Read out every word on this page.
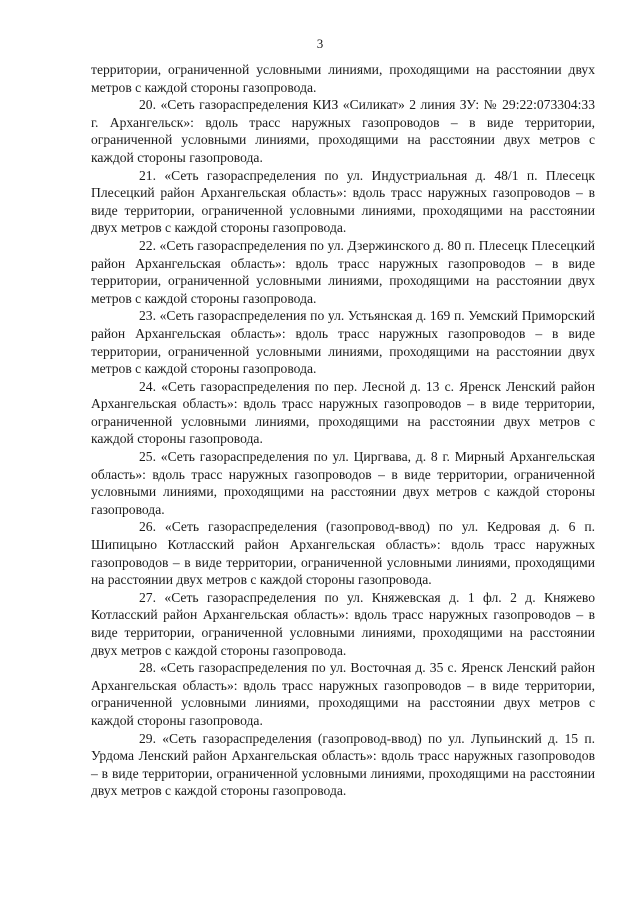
3

территории, ограниченной условными линиями, проходящими на расстоянии двух метров с каждой стороны газопровода.

20. «Сеть газораспределения КИЗ «Силикат» 2 линия ЗУ: № 29:22:073304:33 г. Архангельск»: вдоль трасс наружных газопроводов – в виде территории, ограниченной условными линиями, проходящими на расстоянии двух метров с каждой стороны газопровода.

21. «Сеть газораспределения по ул. Индустриальная д. 48/1 п. Плесецк Плесецкий район Архангельская область»: вдоль трасс наружных газопроводов – в виде территории, ограниченной условными линиями, проходящими на расстоянии двух метров с каждой стороны газопровода.

22. «Сеть газораспределения по ул. Дзержинского д. 80 п. Плесецк Плесецкий район Архангельская область»: вдоль трасс наружных газопроводов – в виде территории, ограниченной условными линиями, проходящими на расстоянии двух метров с каждой стороны газопровода.

23. «Сеть газораспределения по ул. Устьянская д. 169 п. Уемский Приморский район Архангельская область»: вдоль трасс наружных газопроводов – в виде территории, ограниченной условными линиями, проходящими на расстоянии двух метров с каждой стороны газопровода.

24. «Сеть газораспределения по пер. Лесной д. 13 с. Яренск Ленский район Архангельская область»: вдоль трасс наружных газопроводов – в виде территории, ограниченной условными линиями, проходящими на расстоянии двух метров с каждой стороны газопровода.

25. «Сеть газораспределения по ул. Циргвава, д. 8 г. Мирный Архангельская область»: вдоль трасс наружных газопроводов – в виде территории, ограниченной условными линиями, проходящими на расстоянии двух метров с каждой стороны газопровода.

26. «Сеть газораспределения (газопровод-ввод) по ул. Кедровая д. 6 п. Шипицыно Котласский район Архангельская область»: вдоль трасс наружных газопроводов – в виде территории, ограниченной условными линиями, проходящими на расстоянии двух метров с каждой стороны газопровода.

27. «Сеть газораспределения по ул. Княжевская д. 1 фл. 2 д. Княжево Котласский район Архангельская область»: вдоль трасс наружных газопроводов – в виде территории, ограниченной условными линиями, проходящими на расстоянии двух метров с каждой стороны газопровода.

28. «Сеть газораспределения по ул. Восточная д. 35 с. Яренск Ленский район Архангельская область»: вдоль трасс наружных газопроводов – в виде территории, ограниченной условными линиями, проходящими на расстоянии двух метров с каждой стороны газопровода.

29. «Сеть газораспределения (газопровод-ввод) по ул. Лупьинский д. 15 п. Урдома Ленский район Архангельская область»: вдоль трасс наружных газопроводов – в виде территории, ограниченной условными линиями, проходящими на расстоянии двух метров с каждой стороны газопровода.
